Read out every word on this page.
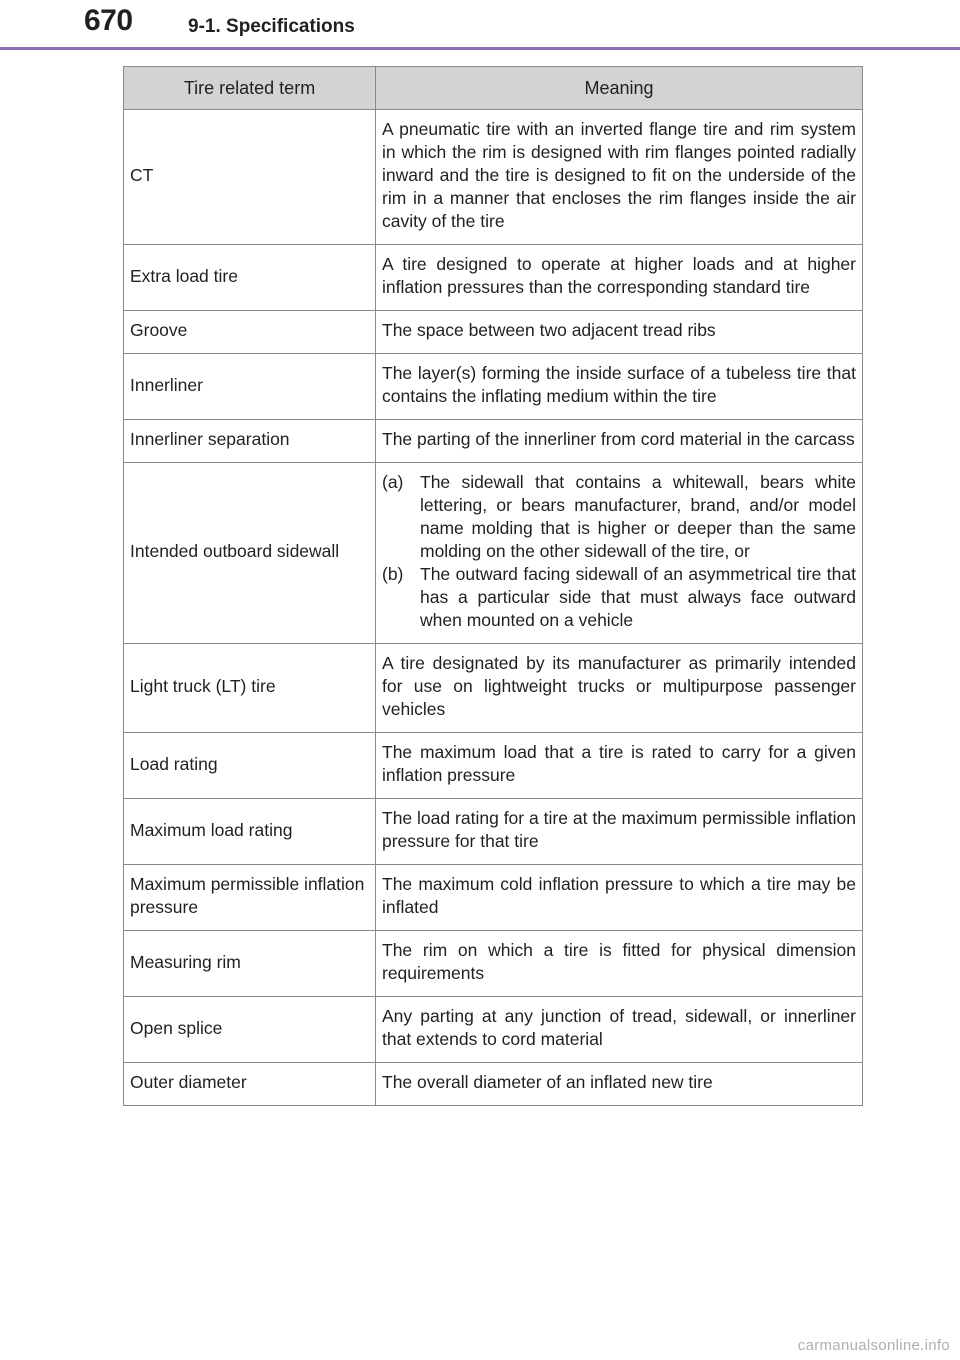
670	9-1. Specifications
Tire related term	Meaning
CT	A pneumatic tire with an inverted flange tire and rim system in which the rim is designed with rim flanges pointed radially inward and the tire is designed to fit on the underside of the rim in a manner that encloses the rim flanges inside the air cavity of the tire
Extra load tire	A tire designed to operate at higher loads and at higher inflation pressures than the corresponding standard tire
Groove	The space between two adjacent tread ribs
Innerliner	The layer(s) forming the inside surface of a tubeless tire that contains the inflating medium within the tire
Innerliner separation	The parting of the innerliner from cord material in the carcass
Intended outboard sidewall	(a) The sidewall that contains a whitewall, bears white lettering, or bears manufacturer, brand, and/or model name molding that is higher or deeper than the same molding on the other sidewall of the tire, or
(b) The outward facing sidewall of an asymmetrical tire that has a particular side that must always face outward when mounted on a vehicle

Light truck (LT) tire	A tire designated by its manufacturer as primarily intended for use on lightweight trucks or multipurpose passenger vehicles
Load rating	The maximum load that a tire is rated to carry for a given inflation pressure
Maximum load rating	The load rating for a tire at the maximum permissible inflation pressure for that tire
Maximum permissible inflation pressure	The maximum cold inflation pressure to which a tire may be inflated
Measuring rim	The rim on which a tire is fitted for physical dimension requirements
Open splice	Any parting at any junction of tread, sidewall, or innerliner that extends to cord material
Outer diameter	The overall diameter of an inflated new tire
carmanualsonline.info
